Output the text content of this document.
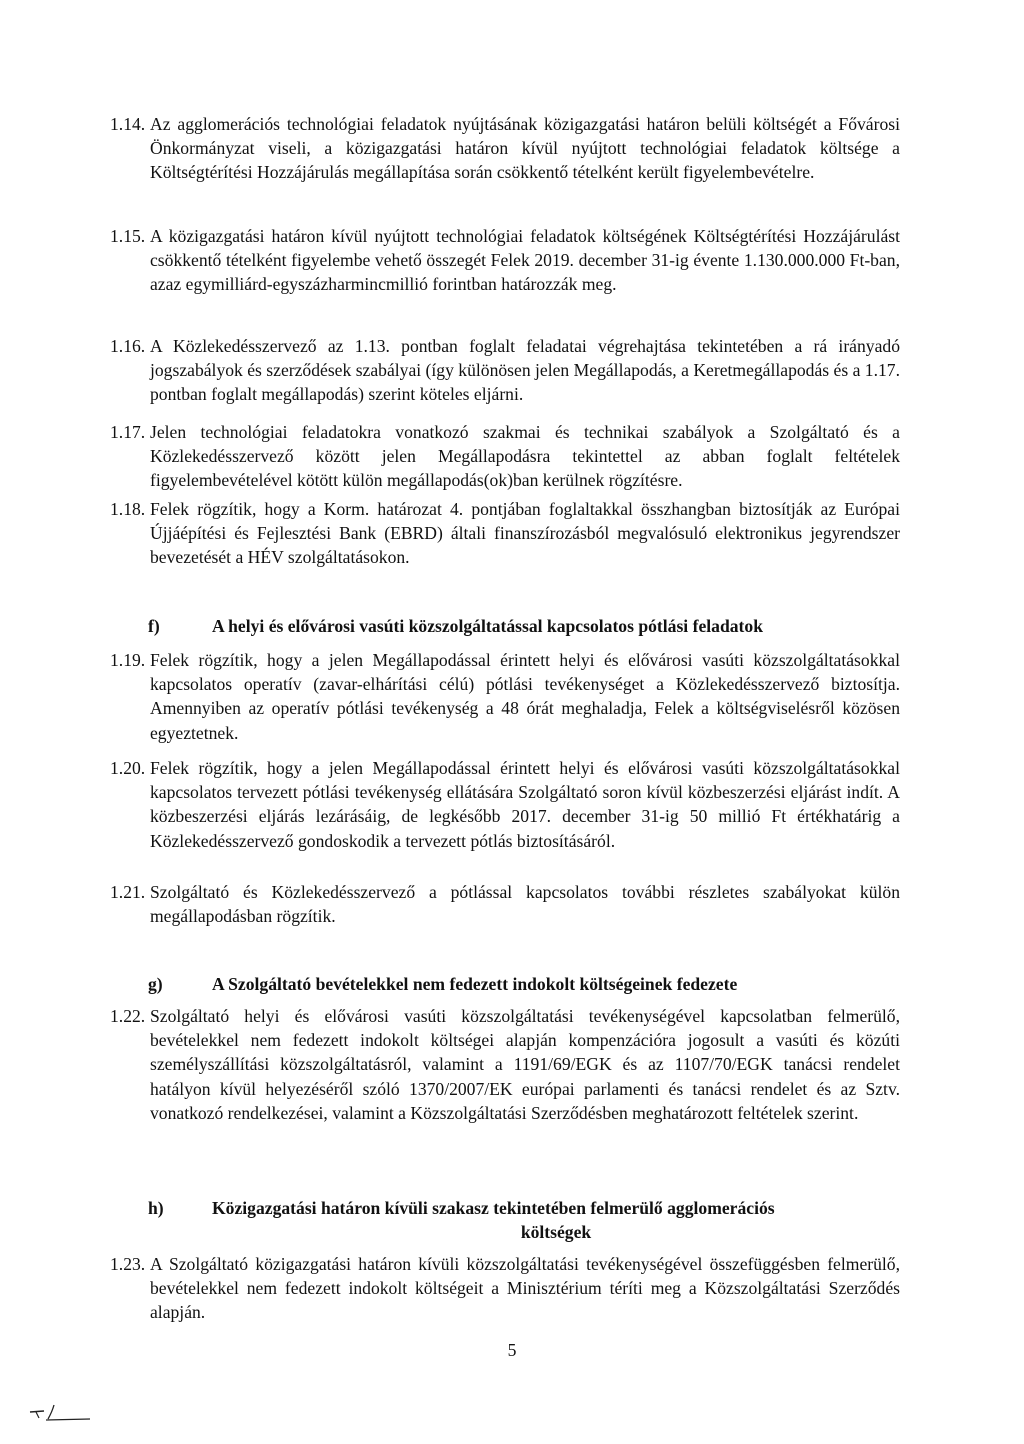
1.14. Az agglomerációs technológiai feladatok nyújtásának közigazgatási határon belüli költségét a Fővárosi Önkormányzat viseli, a közigazgatási határon kívül nyújtott technológiai feladatok költsége a Költségtérítési Hozzájárulás megállapítása során csökkentő tételként került figyelembevételre.

1.15. A közigazgatási határon kívül nyújtott technológiai feladatok költségének Költségtérítési Hozzájárulást csökkentő tételként figyelembe vehető összegét Felek 2019. december 31-ig évente 1.130.000.000 Ft-ban, azaz egymilliárd-egyszázharmincmillió forintban határozzák meg.

1.16. A Közlekedésszervező az 1.13. pontban foglalt feladatai végrehajtása tekintetében a rá irányadó jogszabályok és szerződések szabályai (így különösen jelen Megállapodás, a Keretmegállapodás és a 1.17. pontban foglalt megállapodás) szerint köteles eljárni.

1.17. Jelen technológiai feladatokra vonatkozó szakmai és technikai szabályok a Szolgáltató és a Közlekedésszervező között jelen Megállapodásra tekintettel az abban foglalt feltételek figyelembevételével kötött külön megállapodás(ok)ban kerülnek rögzítésre.

1.18. Felek rögzítik, hogy a Korm. határozat 4. pontjában foglaltakkal összhangban biztosítják az Európai Újjáépítési és Fejlesztési Bank (EBRD) általi finanszírozásból megvalósuló elektronikus jegyrendszer bevezetését a HÉV szolgáltatásokon.

f)	A helyi és elővárosi vasúti közszolgáltatással kapcsolatos pótlási feladatok

1.19. Felek rögzítik, hogy a jelen Megállapodással érintett helyi és elővárosi vasúti közszolgáltatásokkal kapcsolatos operatív (zavar-elhárítási célú) pótlási tevékenységet a Közlekedésszervező biztosítja. Amennyiben az operatív pótlási tevékenység a 48 órát meghaladja, Felek a költségviselésről közösen egyeztetnek.

1.20. Felek rögzítik, hogy a jelen Megállapodással érintett helyi és elővárosi vasúti közszolgáltatásokkal kapcsolatos tervezett pótlási tevékenység ellátására Szolgáltató soron kívül közbeszerzési eljárást indít. A közbeszerzési eljárás lezárásáig, de legkésőbb 2017. december 31-ig 50 millió Ft értékhatárig a Közlekedésszervező gondoskodik a tervezett pótlás biztosításáról.

1.21. Szolgáltató és Közlekedésszervező a pótlással kapcsolatos további részletes szabályokat külön megállapodásban rögzítik.

g)	A Szolgáltató bevételekkel nem fedezett indokolt költségeinek fedezete

1.22. Szolgáltató helyi és elővárosi vasúti közszolgáltatási tevékenységével kapcsolatban felmerülő, bevételekkel nem fedezett indokolt költségei alapján kompenzációra jogosult a vasúti és közúti személyszállítási közszolgáltatásról, valamint a 1191/69/EGK és az 1107/70/EGK tanácsi rendelet hatályon kívül helyezéséről szóló 1370/2007/EK európai parlamenti és tanácsi rendelet és az Sztv. vonatkozó rendelkezései, valamint a Közszolgáltatási Szerződésben meghatározott feltételek szerint.

h)	Közigazgatási határon kívüli szakasz tekintetében felmerülő agglomerációs
költségek

1.23. A Szolgáltató közigazgatási határon kívüli közszolgáltatási tevékenységével összefüggésben felmerülő, bevételekkel nem fedezett indokolt költségeit a Minisztérium téríti meg a Közszolgáltatási Szerződés alapján.

5
